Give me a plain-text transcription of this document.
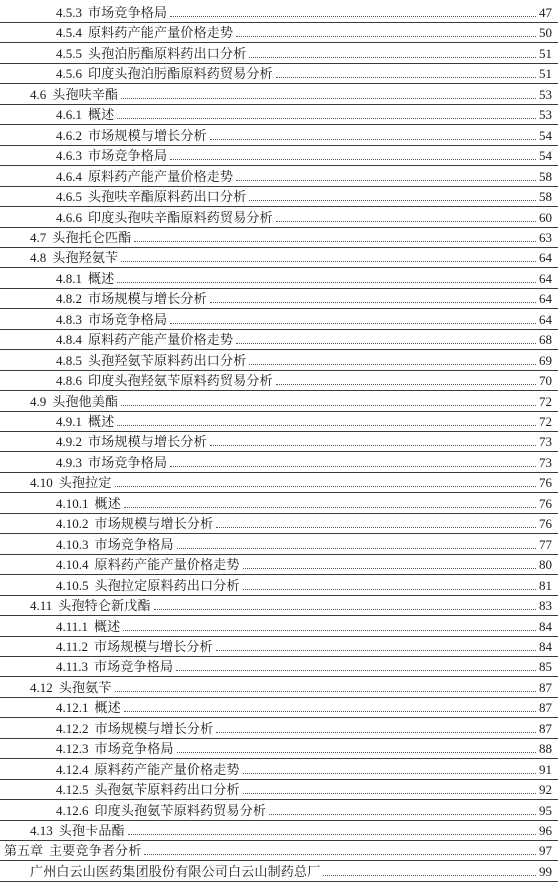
4.5.3 市场竞争格局	47
4.5.4 原料药产能产量价格走势	50
4.5.5 头孢泊肟酯原料药出口分析	51
4.5.6 印度头孢泊肟酯原料药贸易分析	51
4.6 头孢呋辛酯	53
4.6.1 概述	53
4.6.2 市场规模与增长分析	54
4.6.3 市场竞争格局	54
4.6.4 原料药产能产量价格走势	58
4.6.5 头孢呋辛酯原料药出口分析	58
4.6.6 印度头孢呋辛酯原料药贸易分析	60
4.7 头孢托仑匹酯	63
4.8 头孢羟氨苄	64
4.8.1 概述	64
4.8.2 市场规模与增长分析	64
4.8.3 市场竞争格局	64
4.8.4 原料药产能产量价格走势	68
4.8.5 头孢羟氨苄原料药出口分析	69
4.8.6 印度头孢羟氨苄原料药贸易分析	70
4.9 头孢他美酯	72
4.9.1 概述	72
4.9.2 市场规模与增长分析	73
4.9.3 市场竞争格局	73
4.10 头孢拉定	76
4.10.1 概述	76
4.10.2 市场规模与增长分析	76
4.10.3 市场竞争格局	77
4.10.4 原料药产能产量价格走势	80
4.10.5 头孢拉定原料药出口分析	81
4.11 头孢特仑新戊酯	83
4.11.1 概述	84
4.11.2 市场规模与增长分析	84
4.11.3 市场竞争格局	85
4.12 头孢氨苄	87
4.12.1 概述	87
4.12.2 市场规模与增长分析	87
4.12.3 市场竞争格局	88
4.12.4 原料药产能产量价格走势	91
4.12.5 头孢氨苄原料药出口分析	92
4.12.6 印度头孢氨苄原料药贸易分析	95
4.13 头孢卡品酯	96
第五章 主要竞争者分析	97
广州白云山医药集团股份有限公司白云山制药总厂	99
